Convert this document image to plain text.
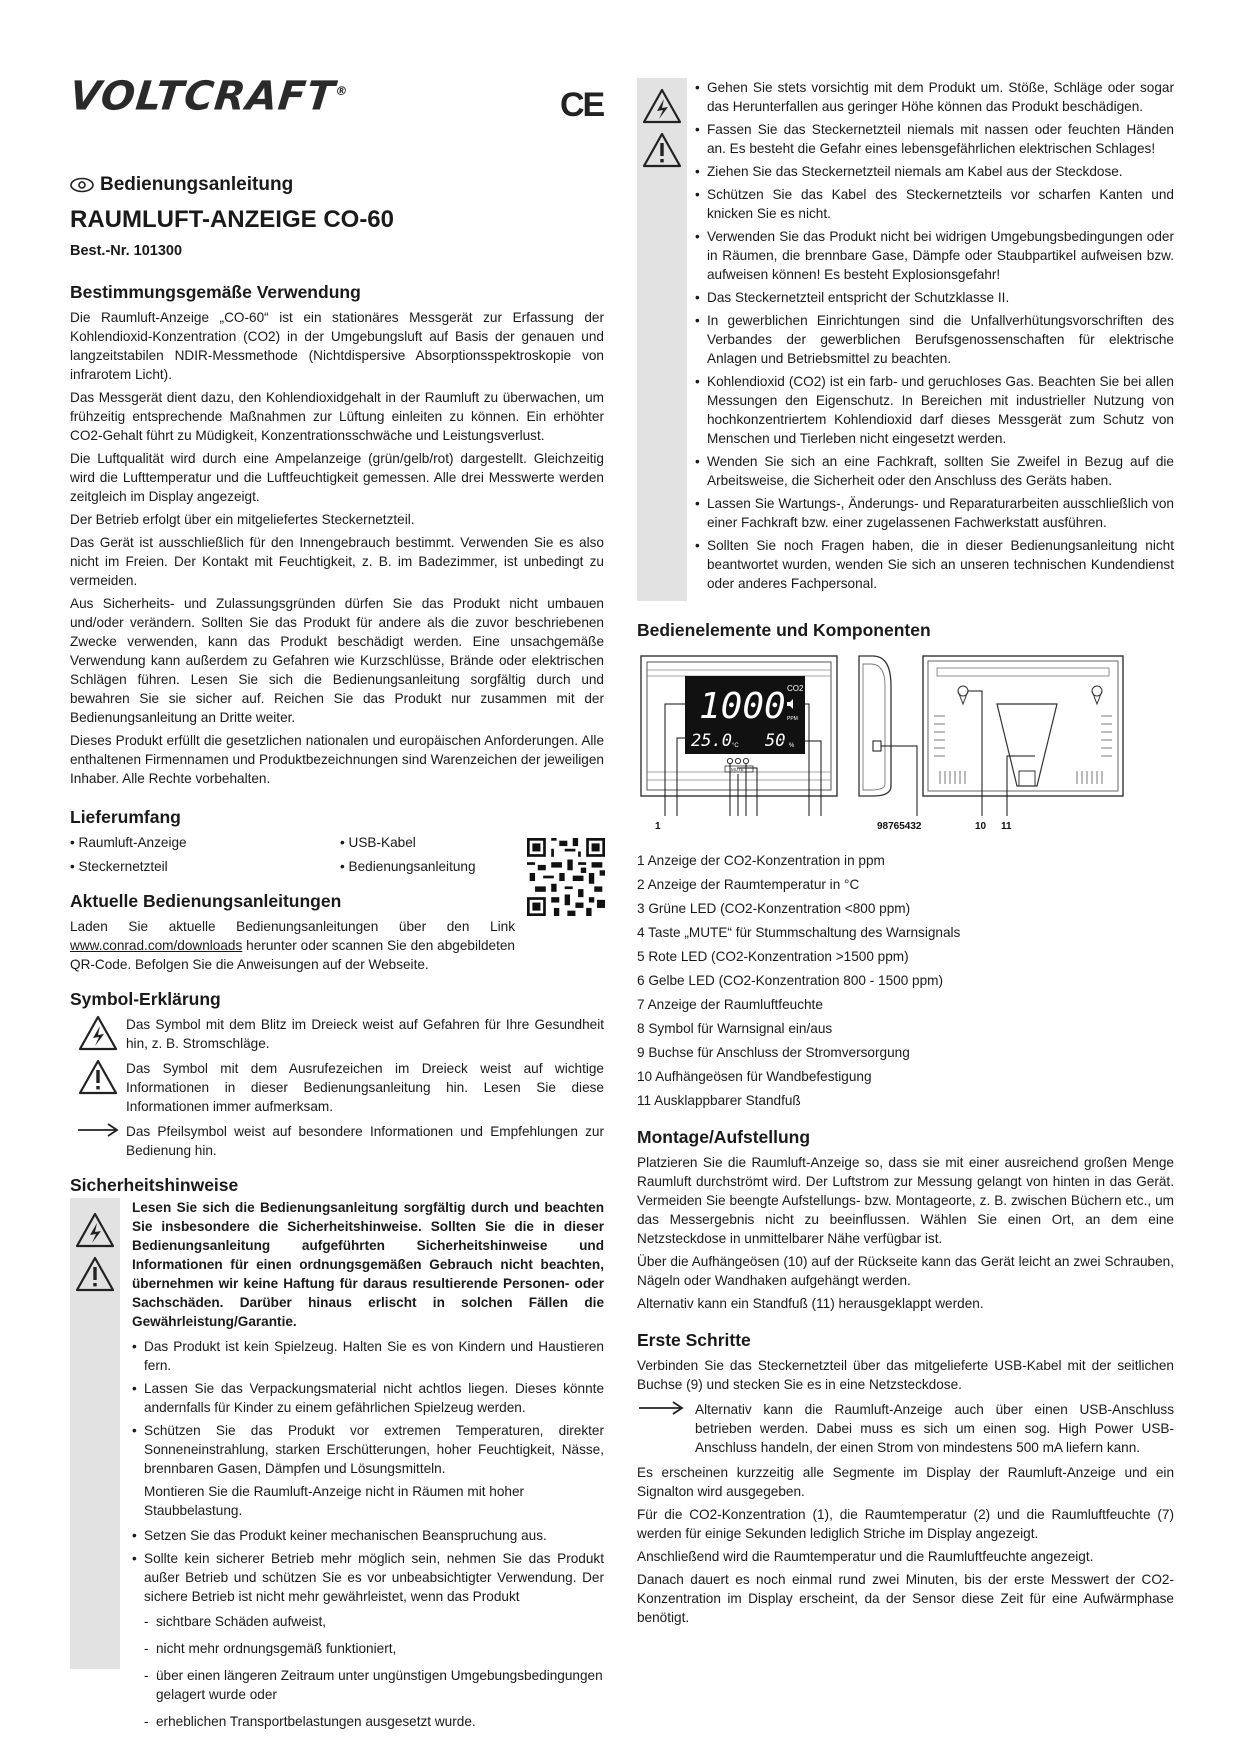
VOLTCRAFT®	CE
Bedienungsanleitung
RAUMLUFT-ANZEIGE CO-60
Best.-Nr. 101300
Bestimmungsgemäße Verwendung

Die Raumluft-Anzeige „CO-60“ ist ein stationäres Messgerät zur Erfassung der Kohlendioxid-Konzentration (CO2) in der Umgebungsluft auf Basis der genauen und langzeitstabilen NDIR-Messmethode (Nichtdispersive Absorptionsspektroskopie von infrarotem Licht).

Das Messgerät dient dazu, den Kohlendioxidgehalt in der Raumluft zu überwachen, um frühzeitig entsprechende Maßnahmen zur Lüftung einleiten zu können. Ein erhöhter CO2-Gehalt führt zu Müdigkeit, Konzentrationsschwäche und Leistungsverlust.

Die Luftqualität wird durch eine Ampelanzeige (grün/gelb/rot) dargestellt. Gleichzeitig wird die Lufttemperatur und die Luftfeuchtigkeit gemessen. Alle drei Messwerte werden zeitgleich im Display angezeigt.

Der Betrieb erfolgt über ein mitgeliefertes Steckernetzteil.

Das Gerät ist ausschließlich für den Innengebrauch bestimmt. Verwenden Sie es also nicht im Freien. Der Kontakt mit Feuchtigkeit, z. B. im Badezimmer, ist unbedingt zu vermeiden.

Aus Sicherheits- und Zulassungsgründen dürfen Sie das Produkt nicht umbauen und/oder verändern. Sollten Sie das Produkt für andere als die zuvor beschriebenen Zwecke verwenden, kann das Produkt beschädigt werden. Eine unsachgemäße Verwendung kann außerdem zu Gefahren wie Kurzschlüsse, Brände oder elektrischen Schlägen führen. Lesen Sie sich die Bedienungsanleitung sorgfältig durch und bewahren Sie sie sicher auf. Reichen Sie das Produkt nur zusammen mit der Bedienungsanleitung an Dritte weiter.

Dieses Produkt erfüllt die gesetzlichen nationalen und europäischen Anforderungen. Alle enthaltenen Firmennamen und Produktbezeichnungen sind Warenzeichen der jeweiligen Inhaber. Alle Rechte vorbehalten.

Lieferumfang
• Raumluft-Anzeige	• USB-Kabel
• Steckernetzteil	• Bedienungsanleitung
Aktuelle Bedienungsanleitungen
Laden Sie aktuelle Bedienungsanleitungen über den Link www.conrad.com/downloads herunter oder scannen Sie den abgebildeten QR-Code. Befolgen Sie die Anweisungen auf der Webseite.
Symbol-Erklärung
Das Symbol mit dem Blitz im Dreieck weist auf Gefahren für Ihre Gesundheit hin, z. B. Stromschläge.
Das Symbol mit dem Ausrufezeichen im Dreieck weist auf wichtige Informationen in dieser Bedienungsanleitung hin. Lesen Sie diese Informationen immer aufmerksam.
Das Pfeilsymbol weist auf besondere Informationen und Empfehlungen zur Bedienung hin.
Sicherheitshinweise

Lesen Sie sich die Bedienungsanleitung sorgfältig durch und beachten Sie insbesondere die Sicherheitshinweise. Sollten Sie die in dieser Bedienungsanleitung aufgeführten Sicherheitshinweise und Informationen für einen ordnungsgemäßen Gebrauch nicht beachten, übernehmen wir keine Haftung für daraus resultierende Personen- oder Sachschäden. Darüber hinaus erlischt in solchen Fällen die Gewährleistung/Garantie.

• Das Produkt ist kein Spielzeug. Halten Sie es von Kindern und Haustieren fern.
• Lassen Sie das Verpackungsmaterial nicht achtlos liegen. Dieses könnte andernfalls für Kinder zu einem gefährlichen Spielzeug werden.
• Schützen Sie das Produkt vor extremen Temperaturen, direkter Sonneneinstrahlung, starken Erschütterungen, hoher Feuchtigkeit, Nässe, brennbaren Gasen, Dämpfen und Lösungsmitteln.

Montieren Sie die Raumluft-Anzeige nicht in Räumen mit hoher Staubbelastung.

• Setzen Sie das Produkt keiner mechanischen Beanspruchung aus.
• Sollte kein sicherer Betrieb mehr möglich sein, nehmen Sie das Produkt außer Betrieb und schützen Sie es vor unbeabsichtigter Verwendung. Der sichere Betrieb ist nicht mehr gewährleistet, wenn das Produkt
- sichtbare Schäden aufweist,
- nicht mehr ordnungsgemäß funktioniert,
- über einen längeren Zeitraum unter ungünstigen Umgebungsbedingungen gelagert wurde oder
- erheblichen Transportbelastungen ausgesetzt wurde.
• Gehen Sie stets vorsichtig mit dem Produkt um. Stöße, Schläge oder sogar das Herunterfallen aus geringer Höhe können das Produkt beschädigen.
• Fassen Sie das Steckernetzteil niemals mit nassen oder feuchten Händen an. Es besteht die Gefahr eines lebensgefährlichen elektrischen Schlages!
• Ziehen Sie das Steckernetzteil niemals am Kabel aus der Steckdose.
• Schützen Sie das Kabel des Steckernetzteils vor scharfen Kanten und knicken Sie es nicht.
• Verwenden Sie das Produkt nicht bei widrigen Umgebungsbedingungen oder in Räumen, die brennbare Gase, Dämpfe oder Staubpartikel aufweisen bzw. aufweisen können! Es besteht Explosionsgefahr!
• Das Steckernetzteil entspricht der Schutzklasse II.
• In gewerblichen Einrichtungen sind die Unfallverhütungsvorschriften des Verbandes der gewerblichen Berufsgenossenschaften für elektrische Anlagen und Betriebsmittel zu beachten.
• Kohlendioxid (CO2) ist ein farb- und geruchloses Gas. Beachten Sie bei allen Messungen den Eigenschutz. In Bereichen mit industrieller Nutzung von hochkonzentriertem Kohlendioxid darf dieses Messgerät zum Schutz von Menschen und Tierleben nicht eingesetzt werden.
• Wenden Sie sich an eine Fachkraft, sollten Sie Zweifel in Bezug auf die Arbeitsweise, die Sicherheit oder den Anschluss des Geräts haben.
• Lassen Sie Wartungs-, Änderungs- und Reparaturarbeiten ausschließlich von einer Fachkraft bzw. einer zugelassenen Fachwerkstatt ausführen.
• Sollten Sie noch Fragen haben, die in dieser Bedienungsanleitung nicht beantwortet wurden, wenden Sie sich an unseren technischen Kundendienst oder anderes Fachpersonal.
Bedienelemente und Komponenten
1000 CO2
PPM
25.0 °C 50 %
MUTE
1	98765432	10 11
1 Anzeige der CO2-Konzentration in ppm
2 Anzeige der Raumtemperatur in °C
3 Grüne LED (CO2-Konzentration <800 ppm)
4 Taste „MUTE“ für Stummschaltung des Warnsignals
5 Rote LED (CO2-Konzentration >1500 ppm)
6 Gelbe LED (CO2-Konzentration 800 - 1500 ppm)
7 Anzeige der Raumluftfeuchte
8 Symbol für Warnsignal ein/aus
9 Buchse für Anschluss der Stromversorgung
10 Aufhängeösen für Wandbefestigung
11 Ausklappbarer Standfuß
Montage/Aufstellung

Platzieren Sie die Raumluft-Anzeige so, dass sie mit einer ausreichend großen Menge Raumluft durchströmt wird. Der Luftstrom zur Messung gelangt von hinten in das Gerät. Vermeiden Sie beengte Aufstellungs- bzw. Montageorte, z. B. zwischen Büchern etc., um das Messergebnis nicht zu beeinflussen. Wählen Sie einen Ort, an dem eine Netzsteckdose in unmittelbarer Nähe verfügbar ist.

Über die Aufhängeösen (10) auf der Rückseite kann das Gerät leicht an zwei Schrauben, Nägeln oder Wandhaken aufgehängt werden.

Alternativ kann ein Standfuß (11) herausgeklappt werden.

Erste Schritte

Verbinden Sie das Steckernetzteil über das mitgelieferte USB-Kabel mit der seitlichen Buchse (9) und stecken Sie es in eine Netzsteckdose.

Alternativ kann die Raumluft-Anzeige auch über einen USB-Anschluss betrieben werden. Dabei muss es sich um einen sog. High Power USB-Anschluss handeln, der einen Strom von mindestens 500 mA liefern kann.

Es erscheinen kurzzeitig alle Segmente im Display der Raumluft-Anzeige und ein Signalton wird ausgegeben.

Für die CO2-Konzentration (1), die Raumtemperatur (2) und die Raumluftfeuchte (7) werden für einige Sekunden lediglich Striche im Display angezeigt.

Anschließend wird die Raumtemperatur und die Raumluftfeuchte angezeigt.

Danach dauert es noch einmal rund zwei Minuten, bis der erste Messwert der CO2-Konzentration im Display erscheint, da der Sensor diese Zeit für eine Aufwärmphase benötigt.
